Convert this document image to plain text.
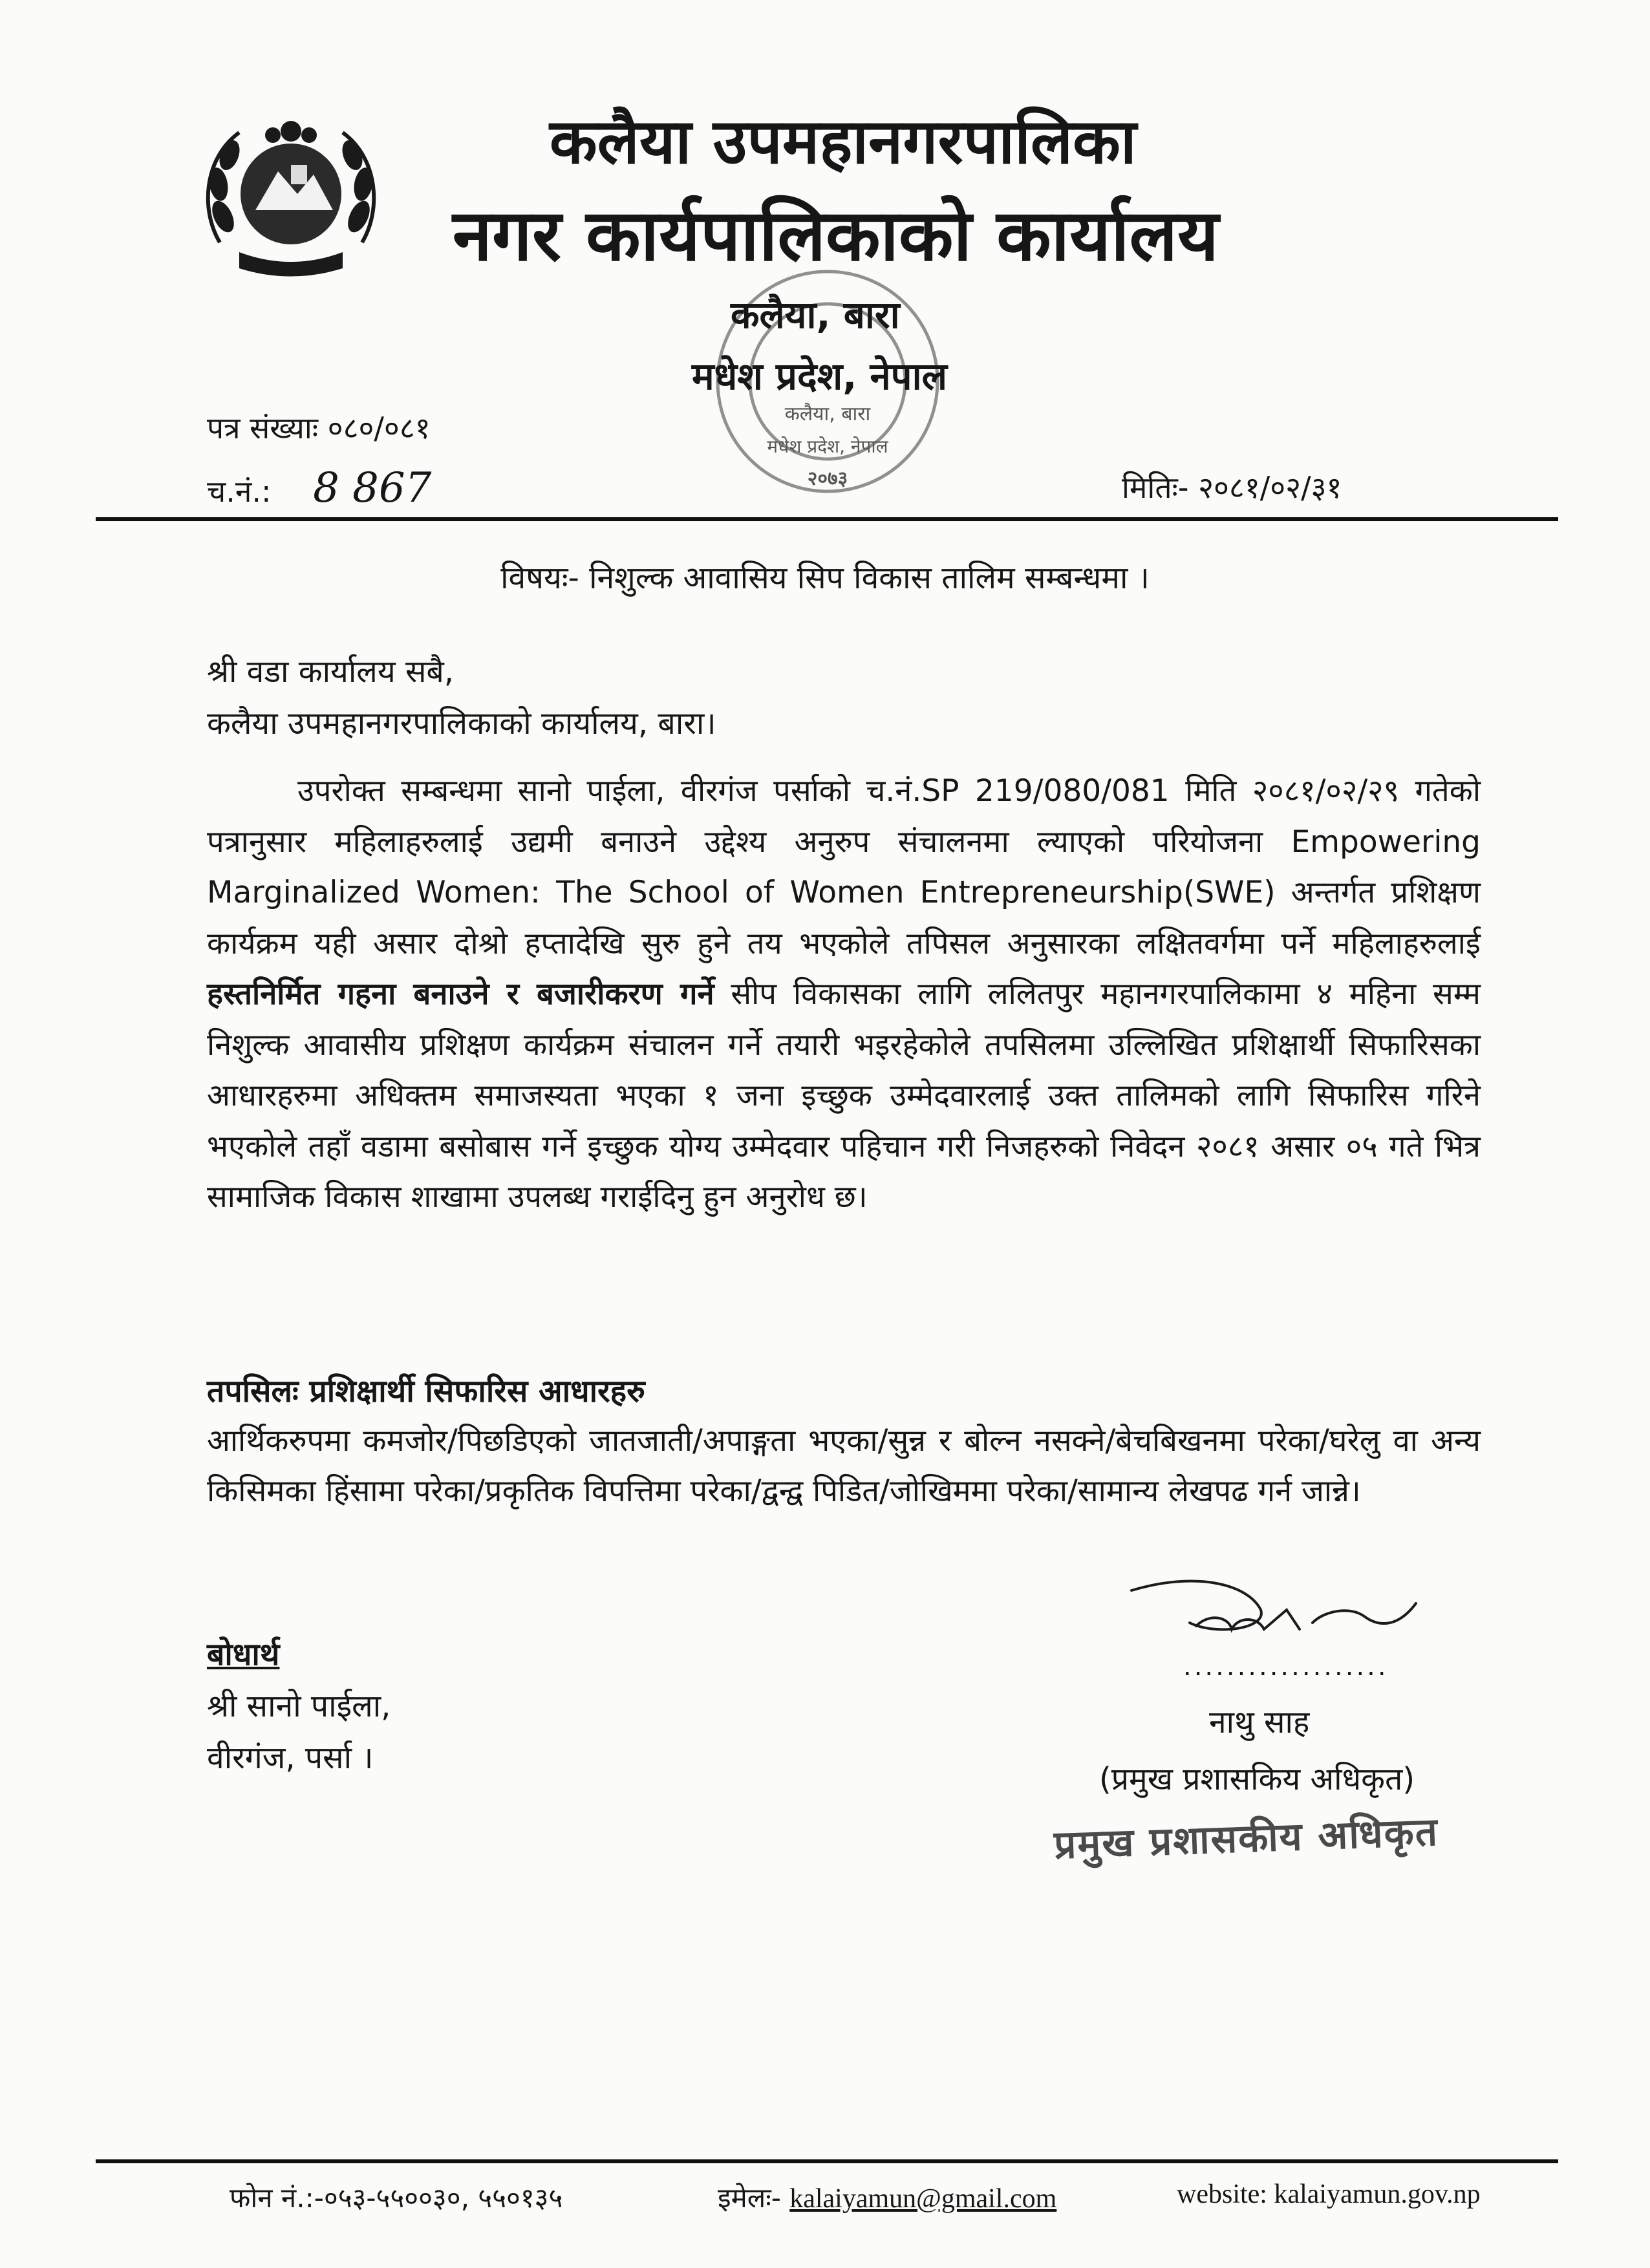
कलैया, बारा
मधेश प्रदेश, नेपाल
२०७३
कलैया उपमहानगरपालिका
नगर कार्यपालिकाको कार्यालय
कलैया, बारा
मधेश प्रदेश, नेपाल
पत्र संख्याः ०८०/०८१
च.नं.: 8 867	मितिः- २०८१/०२/३१
विषयः- निशुल्क आवासिय सिप विकास तालिम सम्बन्धमा ।
श्री वडा कार्यालय सबै,
कलैया उपमहानगरपालिकाको कार्यालय, बारा।
उपरोक्त सम्बन्धमा सानो पाईला, वीरगंज पर्साको च.नं.SP 219/080/081 मिति २०८१/०२/२९ गतेको पत्रानुसार महिलाहरुलाई उद्यमी बनाउने उद्देश्य अनुरुप संचालनमा ल्याएको परियोजना Empowering Marginalized Women: The School of Women Entrepreneurship(SWE) अन्तर्गत प्रशिक्षण कार्यक्रम यही असार दोश्रो हप्तादेखि सुरु हुने तय भएकोले तपिसल अनुसारका लक्षितवर्गमा पर्ने महिलाहरुलाई हस्तनिर्मित गहना बनाउने र बजारीकरण गर्ने सीप विकासका लागि ललितपुर महानगरपालिकामा ४ महिना सम्म निशुल्क आवासीय प्रशिक्षण कार्यक्रम संचालन गर्ने तयारी भइरहेकोले तपसिलमा उल्लिखित प्रशिक्षार्थी सिफारिसका आधारहरुमा अधिक्तम समाजस्यता भएका १ जना इच्छुक उम्मेदवारलाई उक्त तालिमको लागि सिफारिस गरिने भएकोले तहाँ वडामा बसोबास गर्ने इच्छुक योग्य उम्मेदवार पहिचान गरी निजहरुको निवेदन २०८१ असार ०५ गते भित्र सामाजिक विकास शाखामा उपलब्ध गराईदिनु हुन अनुरोध छ।
तपसिलः प्रशिक्षार्थी सिफारिस आधारहरु
आर्थिकरुपमा कमजोर/पिछडिएको जातजाती/अपाङ्गता भएका/सुन्न र बोल्न नसक्ने/बेचबिखनमा परेका/घरेलु वा अन्य किसिमका हिंसामा परेका/प्रकृतिक विपत्तिमा परेका/द्वन्द्व पिडित/जोखिममा परेका/सामान्य लेखपढ गर्न जान्ने।
...................
नाथु साह
(प्रमुख प्रशासकिय अधिकृत)
प्रमुख प्रशासकीय अधिकृत
बोधार्थ
श्री सानो पाईला,
वीरगंज, पर्सा ।
फोन नं.:-०५३-५५००३०, ५५०१३५	इमेलः- kalaiyamun@gmail.com	website: kalaiyamun.gov.np
